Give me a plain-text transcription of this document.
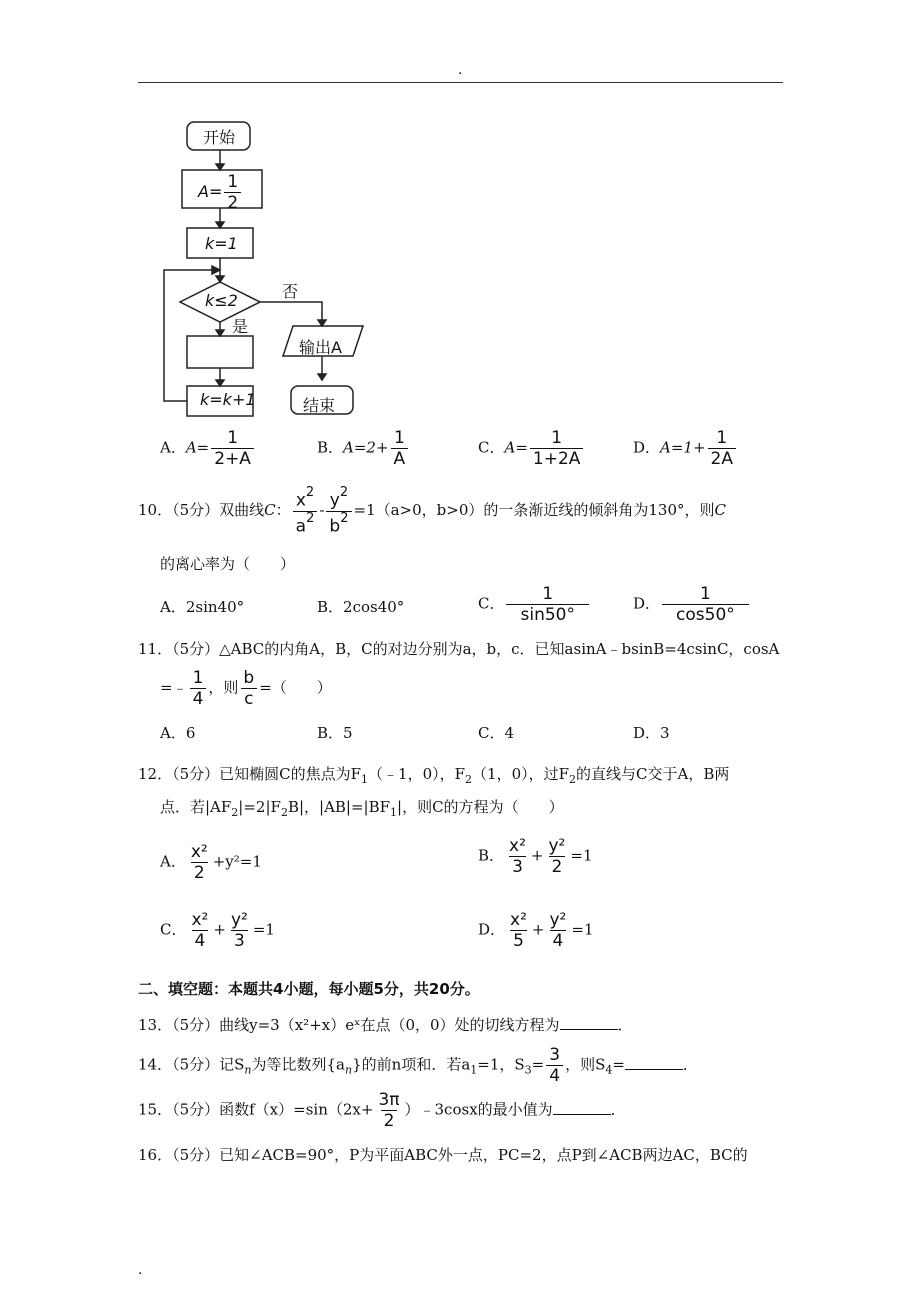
.
开始
$A= \frac{1}{2}$
k=1
k≤2	否
是
输出A
结束
k=k+1
A．$A= \frac{1}{2+A}$	B．$A=2+ \frac{1}{A}$	C．$A= \frac{1}{1+2A}$	D．$A=1+ \frac{1}{2A}$
10．（5分）双曲线C： $\frac{x^2}{a^2} - \frac{y^2}{b^2} =1(a>0$，b>0）的一条渐近线的倾斜角为130°，则C
的离心率为（　　）
A．2sin40°	B．2cos40°	C． $\frac{1}{\sin 50^\circ}$	D． $\frac{1}{\cos 50^\circ}$
11．（5分）△ABC的内角A，B，C的对边分别为a，b，c．已知asinA﹣bsinB=4csinC，cosA
=﹣ $\frac{1}{4}$ ，则 $\frac{b}{c}$ =（　　）
A．6	B．5	C．4	D．3
12．（5分）已知椭圆C的焦点为$F_1(﹣1$，0），$F_2(1$，0），过$F_2$的直线与C交于A，B两
点．若$|AF_2|=2|F_2B|$，$|AB|=|BF_1|$，则C的方程为（　　）
A． $\frac{\text{x²}}{2} +y^2=1$	B． $\frac{\text{x²}}{3} + \frac{\text{y²}}{2} =1$
C． $\frac{\text{x²}}{4} + \frac{\text{y²}}{3} =1$	D． $\frac{\text{x²}}{5} + \frac{\text{y²}}{4} =1$
二、填空题：本题共4小题，每小题5分，共20分。
13．（5分）曲线y=3（x²+x）eˣ在点（0，0）处的切线方程为	．
14．（5分）记$S_n$为等比数列$\{a_n\}$的前n项和．若$a_1=1$，$S_3= \frac{3}{4}$ ，则$S_4=$	．
15．（5分）函数$f(x)=\sin(2x+ \frac{3\pi}{2}$ ）﹣3cosx的最小值为	．
16．（5分）已知∠ACB=90°，P为平面ABC外一点，PC=2，点P到∠ACB两边AC，BC的
.
